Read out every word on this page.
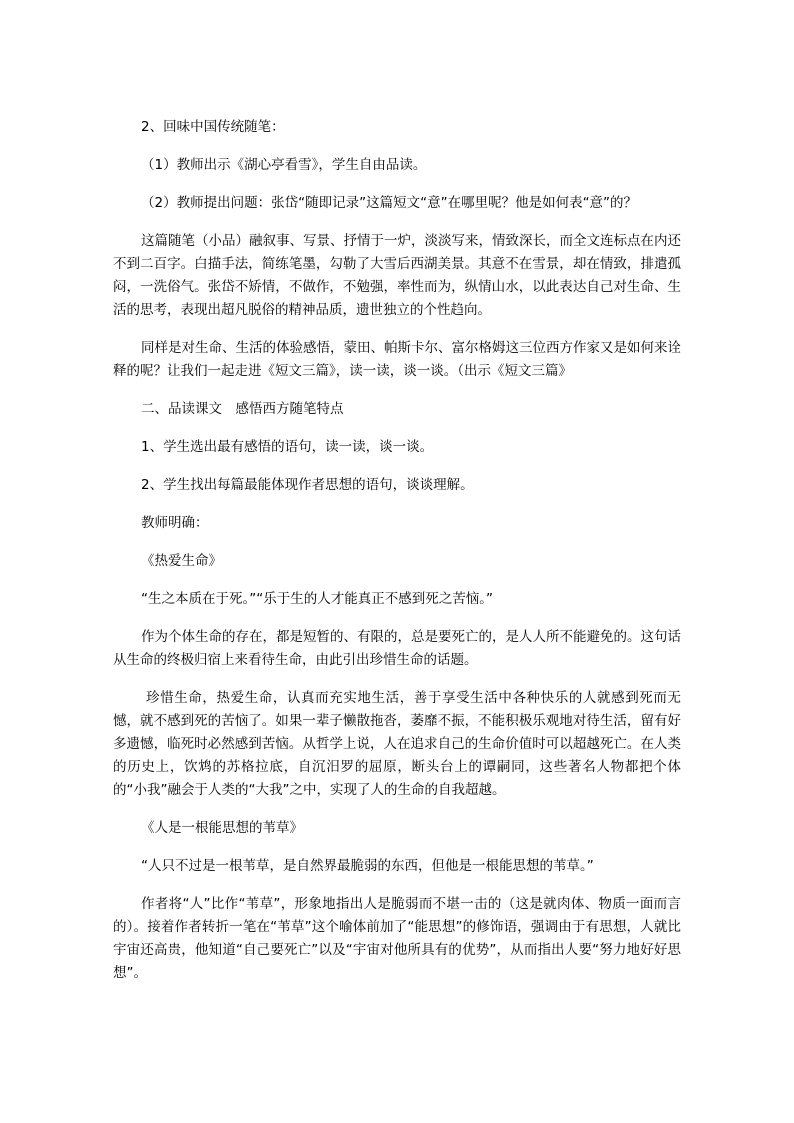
2、回味中国传统随笔：

（1）教师出示《湖心亭看雪》，学生自由品读。

（2）教师提出问题：张岱“随即记录”这篇短文“意”在哪里呢？他是如何表“意”的？

这篇随笔（小品）融叙事、写景、抒情于一炉，淡淡写来，情致深长，而全文连标点在内还不到二百字。白描手法，简练笔墨，勾勒了大雪后西湖美景。其意不在雪景，却在情致，排遣孤闷，一洗俗气。张岱不矫情，不做作，不勉强，率性而为，纵情山水，以此表达自己对生命、生活的思考，表现出超凡脱俗的精神品质，遗世独立的个性趋向。

同样是对生命、生活的体验感悟，蒙田、帕斯卡尔、富尔格姆这三位西方作家又是如何来诠释的呢？让我们一起走进《短文三篇》，读一读，谈一谈。（出示《短文三篇》

二、品读课文　感悟西方随笔特点

1、学生选出最有感悟的语句，读一读，谈一谈。

2、学生找出每篇最能体现作者思想的语句，谈谈理解。

教师明确：

《热爱生命》

“生之本质在于死。”“乐于生的人才能真正不感到死之苦恼。”

作为个体生命的存在，都是短暂的、有限的，总是要死亡的，是人人所不能避免的。这句话从生命的终极归宿上来看待生命，由此引出珍惜生命的话题。

珍惜生命，热爱生命，认真而充实地生活，善于享受生活中各种快乐的人就感到死而无憾，就不感到死的苦恼了。如果一辈子懒散拖沓，萎靡不振，不能积极乐观地对待生活，留有好多遗憾，临死时必然感到苦恼。从哲学上说，人在追求自己的生命价值时可以超越死亡。在人类的历史上，饮鸩的苏格拉底，自沉汨罗的屈原，断头台上的谭嗣同，这些著名人物都把个体的“小我”融会于人类的“大我”之中，实现了人的生命的自我超越。

《人是一根能思想的苇草》

“人只不过是一根苇草，是自然界最脆弱的东西，但他是一根能思想的苇草。”

作者将“人”比作“苇草”，形象地指出人是脆弱而不堪一击的（这是就肉体、物质一面而言的）。接着作者转折一笔在“苇草”这个喻体前加了“能思想”的修饰语，强调由于有思想，人就比宇宙还高贵，他知道“自己要死亡”以及“宇宙对他所具有的优势”，从而指出人要“努力地好好思想”。
